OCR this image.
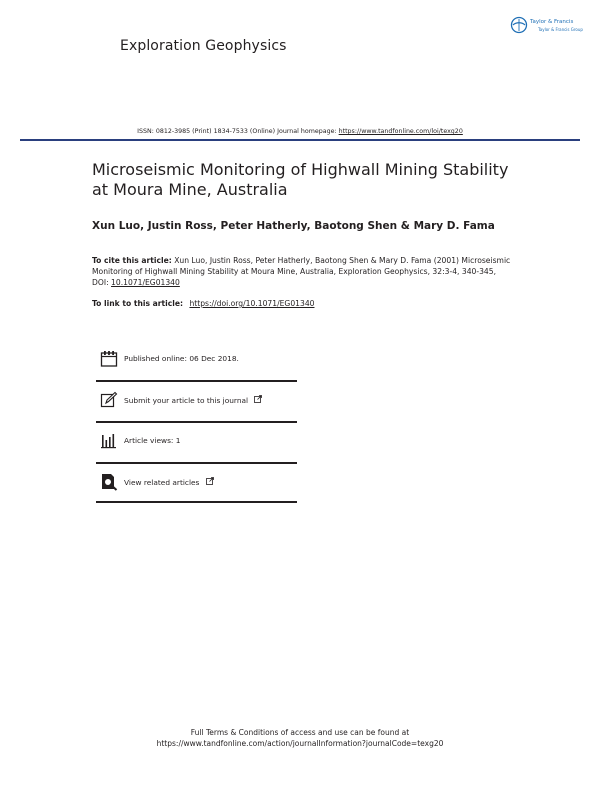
Exploration Geophysics
Taylor & Francis
Taylor & Francis Group
ISSN: 0812-3985 (Print) 1834-7533 (Online) Journal homepage: https://www.tandfonline.com/loi/texg20
Microseismic Monitoring of Highwall Mining Stability at Moura Mine, Australia
Xun Luo, Justin Ross, Peter Hatherly, Baotong Shen & Mary D. Fama
To cite this article: Xun Luo, Justin Ross, Peter Hatherly, Baotong Shen & Mary D. Fama (2001) Microseismic Monitoring of Highwall Mining Stability at Moura Mine, Australia, Exploration Geophysics, 32:3-4, 340-345, DOI: 10.1071/EG01340
To link to this article: https://doi.org/10.1071/EG01340
Published online: 06 Dec 2018.
Submit your article to this journal
Article views: 1
View related articles
Full Terms & Conditions of access and use can be found at
https://www.tandfonline.com/action/journalInformation?journalCode=texg20
